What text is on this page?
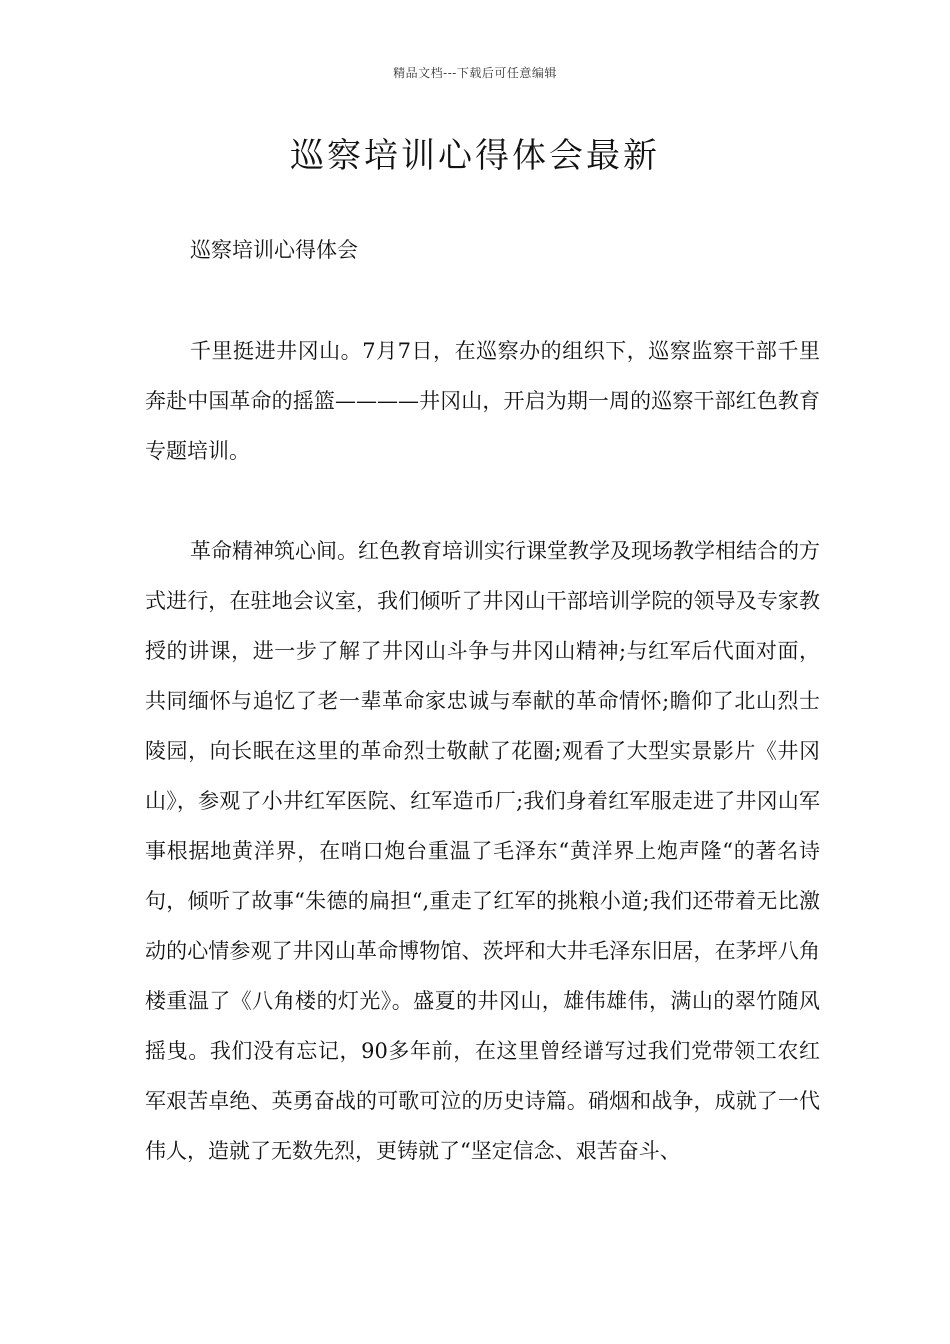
精品文档---下载后可任意编辑
巡察培训心得体会最新

巡察培训心得体会

千里挺进井冈山。7月7日，在巡察办的组织下，巡察监察干部千里奔赴中国革命的摇篮————井冈山，开启为期一周的巡察干部红色教育专题培训。

革命精神筑心间。红色教育培训实行课堂教学及现场教学相结合的方式进行，在驻地会议室，我们倾听了井冈山干部培训学院的领导及专家教授的讲课，进一步了解了井冈山斗争与井冈山精神;与红军后代面对面，共同缅怀与追忆了老一辈革命家忠诚与奉献的革命情怀;瞻仰了北山烈士陵园，向长眠在这里的革命烈士敬献了花圈;观看了大型实景影片《井冈山》，参观了小井红军医院、红军造币厂;我们身着红军服走进了井冈山军事根据地黄洋界，在哨口炮台重温了毛泽东“黄洋界上炮声隆“的著名诗句，倾听了故事“朱德的扁担“,重走了红军的挑粮小道;我们还带着无比激动的心情参观了井冈山革命博物馆、茨坪和大井毛泽东旧居，在茅坪八角楼重温了《八角楼的灯光》。盛夏的井冈山，雄伟雄伟，满山的翠竹随风摇曳。我们没有忘记，90多年前，在这里曾经谱写过我们党带领工农红军艰苦卓绝、英勇奋战的可歌可泣的历史诗篇。硝烟和战争，成就了一代伟人，造就了无数先烈，更铸就了“坚定信念、艰苦奋斗、
